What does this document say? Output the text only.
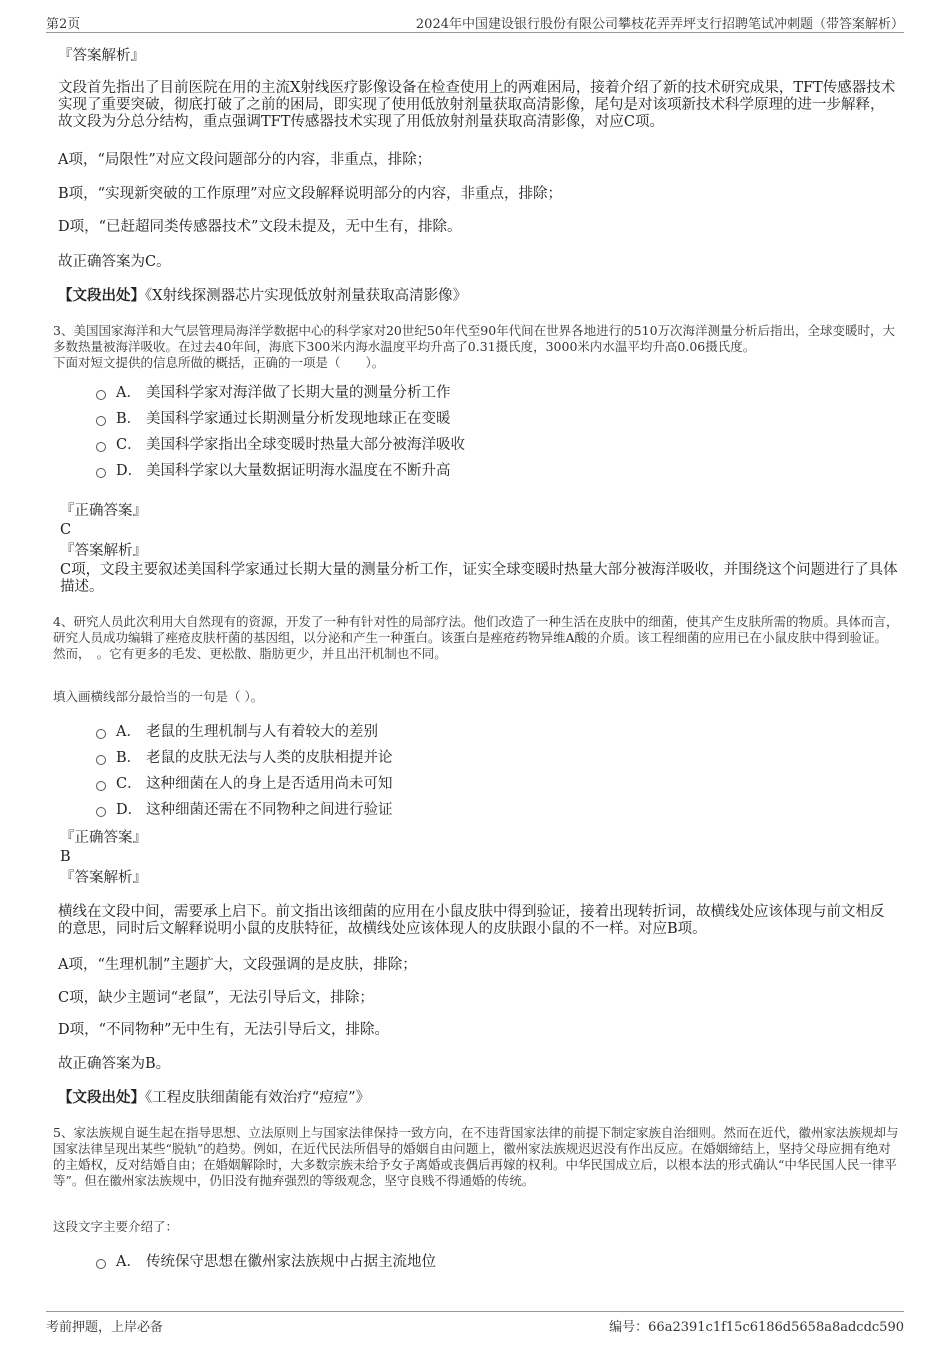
第2页	2024年中国建设银行股份有限公司攀枝花弄弄坪支行招聘笔试冲刺题（带答案解析）

『答案解析』

文段首先指出了目前医院在用的主流X射线医疗影像设备在检查使用上的两难困局，接着介绍了新的技术研究成果，TFT传感器技术实现了重要突破，彻底打破了之前的困局，即实现了使用低放射剂量获取高清影像，尾句是对该项新技术科学原理的进一步解释，故文段为分总分结构，重点强调TFT传感器技术实现了用低放射剂量获取高清影像，对应C项。

A项，“局限性”对应文段问题部分的内容，非重点，排除；

B项，“实现新突破的工作原理”对应文段解释说明部分的内容，非重点，排除；

D项，“已赶超同类传感器技术”文段未提及，无中生有，排除。

故正确答案为C。

【文段出处】《X射线探测器芯片实现低放射剂量获取高清影像》

3、美国国家海洋和大气层管理局海洋学数据中心的科学家对20世纪50年代至90年代间在世界各地进行的510万次海洋测量分析后指出，全球变暖时，大多数热量被海洋吸收。在过去40年间，海底下300米内海水温度平均升高了0.31摄氏度，3000米内水温平均升高0.06摄氏度。
下面对短文提供的信息所做的概括，正确的一项是（　　）。

A． 美国科学家对海洋做了长期大量的测量分析工作
B． 美国科学家通过长期测量分析发现地球正在变暖
C． 美国科学家指出全球变暖时热量大部分被海洋吸收
D． 美国科学家以大量数据证明海水温度在不断升高

『正确答案』

C

『答案解析』

C项，文段主要叙述美国科学家通过长期大量的测量分析工作，证实全球变暖时热量大部分被海洋吸收，并围绕这个问题进行了具体描述。

4、研究人员此次利用大自然现有的资源，开发了一种有针对性的局部疗法。他们改造了一种生活在皮肤中的细菌，使其产生皮肤所需的物质。具体而言，研究人员成功编辑了痤疮皮肤杆菌的基因组，以分泌和产生一种蛋白。该蛋白是痤疮药物异维A酸的介质。该工程细菌的应用已在小鼠皮肤中得到验证。然而，　。它有更多的毛发、更松散、脂肪更少，并且出汗机制也不同。

填入画横线部分最恰当的一句是（ ）。

A． 老鼠的生理机制与人有着较大的差别
B． 老鼠的皮肤无法与人类的皮肤相提并论
C． 这种细菌在人的身上是否适用尚未可知
D． 这种细菌还需在不同物种之间进行验证

『正确答案』

B

『答案解析』

横线在文段中间，需要承上启下。前文指出该细菌的应用在小鼠皮肤中得到验证，接着出现转折词，故横线处应该体现与前文相反的意思，同时后文解释说明小鼠的皮肤特征，故横线处应该体现人的皮肤跟小鼠的不一样。对应B项。

A项，“生理机制”主题扩大，文段强调的是皮肤，排除；

C项，缺少主题词“老鼠”，无法引导后文，排除；

D项，“不同物种”无中生有，无法引导后文，排除。

故正确答案为B。

【文段出处】《工程皮肤细菌能有效治疗“痘痘”》

5、家法族规自诞生起在指导思想、立法原则上与国家法律保持一致方向，在不违背国家法律的前提下制定家族自治细则。然而在近代，徽州家法族规却与国家法律呈现出某些“脱轨”的趋势。例如，在近代民法所倡导的婚姻自由问题上，徽州家法族规迟迟没有作出反应。在婚姻缔结上，坚持父母应拥有绝对的主婚权，反对结婚自由；在婚姻解除时，大多数宗族未给予女子离婚或丧偶后再嫁的权利。中华民国成立后，以根本法的形式确认“中华民国人民一律平等”。但在徽州家法族规中，仍旧没有抛弃强烈的等级观念，坚守良贱不得通婚的传统。

这段文字主要介绍了：

A． 传统保守思想在徽州家法族规中占据主流地位
考前押题，上岸必备	编号：66a2391c1f15c6186d5658a8adcdc590
